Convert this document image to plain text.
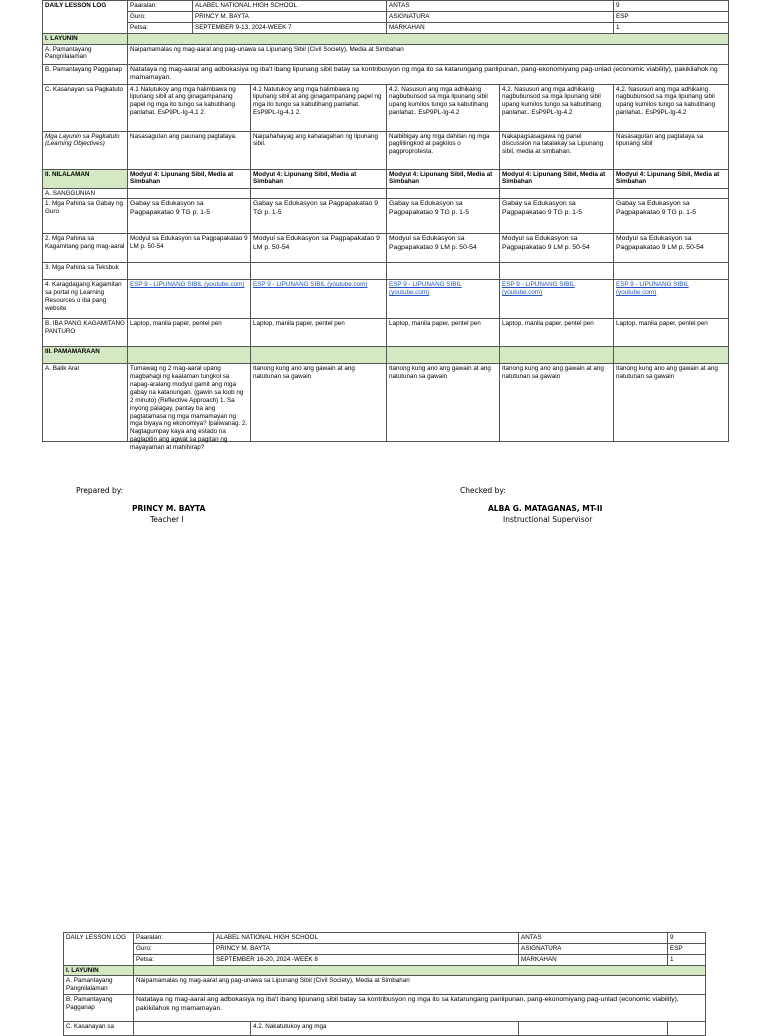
DAILY LESSON LOG	Paaralan:	ALABEL NATIONAL HIGH SCHOOL		ANTAS		9
	Guro:	PRINCY M. BAYTA		ASIGNATURA		ESP
	Petsa:	SEPTEMBER 9-13, 2024-WEEK 7		MARKAHAN		1
I. LAYUNIN						
A. Pamantayang Pangnilalaman	Naipamamalas ng mag-aaral ang pag-unawa sa Lipunang Sibil (Civil Society), Media at Simbahan					
B. Pamantayang Pagganap	Natataya ng mag-aaral ang adbokasiya ng iba't ibang lipunang sibil batay sa kontribusyon ng mga ito sa katarungang panlipunan, pang-ekonomiyang pag-unlad (economic viability), pakikilahok ng mamamayan.					
C. Kasanayan sa Pagkatuto	4.1 Natutukoy ang mga halimbawa ng lipunang sibil at ang ginagampanang papel ng mga ito tungo sa kabutihang panlahat. EsP9PL-Ig-4.1 2.		4.1 Natutukoy ang mga halimbawa ng lipunang sibil at ang ginagampanang papel ng mga ito tungo sa kabutihang panlahat. EsP9PL-Ig-4.1 2.	4.2. Nasusuri ang mga adhikaing nagbubunsod sa mga lipunang sibil upang kumilos tungo sa kabutihang panlahat.. EsP9PL-Ig-4.2	4.2. Nasusuri ang mga adhikaing nagbubunsod sa mga lipunang sibil upang kumilos tungo sa kabutihang panlahat.. EsP9PL-Ig-4.2	4.2. Nasusuri ang mga adhikaing nagbubunsod sa mga lipunang sibil upang kumilos tungo sa kabutihang panlahat.. EsP9PL-Ig-4.2
Mga Layunin sa Pagkatuto (Learning Objectives)	Nasasagutan ang paunang pagtataya.		Naipahahayag ang kahalagahan ng lipunang sibil.	Naibibigay ang mga dahilan ng mga pagliliingkod at pagkilos o pagproprotesta.	Nakapagsasagawa ng panel discussion na tatalakay sa Lipunang sibil, media at simbahan.	Nasasagutan ang pagtataya sa lipunang sibil
II. NILALAMAN	Modyul 4: Lipunang Sibil, Media at Simbahan		Modyul 4: Lipunang Sibil, Media at Simbahan	Modyul 4: Lipunang Sibil, Media at Simbahan	Modyul 4: Lipunang Sibil, Media at Simbahan	Modyul 4: Lipunang Sibil, Media at Simbahan
A. SANGGUNIAN						
1. Mga Pahina sa Gabay ng Guro	Gabay sa Edukasyon sa Pagpapakatao 9 TG p. 1-5		Gabay sa Edukasyon sa Pagpapakatao 9 TG p. 1-5	Gabay sa Edukasyon sa Pagpapakatao 9 TG p. 1-5	Gabay sa Edukasyon sa Pagpapakatao 9 TG p. 1-5	Gabay sa Edukasyon sa Pagpapakatao 9 TG p. 1-5
2. Mga Pahina sa Kagamitang pang mag-aaral	Modyul sa Edukasyon sa Pagpapakatao 9 LM p. 50-54		Modyul sa Edukasyon sa Pagpapakatao 9 LM p. 50-54	Modyul sa Edukasyon sa Pagpapakatao 9 LM p. 50-54	Modyul sa Edukasyon sa Pagpapakatao 9 LM p. 50-54	Modyul sa Edukasyon sa Pagpapakatao 9 LM p. 50-54
3. Mga Pahina sa Teksbuk						
4. Karagdagang Kagamitan sa portal ng Learning Resources o iba pang website	ESP 9 - LIPUNANG SIBIL (youtube.com)		ESP 9 - LIPUNANG SIBIL (youtube.com)	ESP 9 - LIPUNANG SIBIL (youtube.com)	ESP 9 - LIPUNANG SIBIL (youtube.com)	ESP 9 - LIPUNANG SIBIL (youtube.com)
B. IBA PANG KAGAMITANG PANTURO	Laptop, manila paper, pentel pen		Laptop, manila paper, pentel pen	Laptop, manila paper, pentel pen	Laptop, manila paper, pentel pen	Laptop, manila paper, pentel pen
III. PAMAMARAAN						
A. Balik Aral	Tumawag ng 2 mag-aaral upang magbahagi ng kaalaman tungkol sa napag-aralang modyul gamit ang mga gabay na katanungan. (gawin sa loob ng 2 minuto) (Reflective Approach) 1. Sa inyong palagay, pantay ba ang pagtatamasa ng mga mamamayan ng mga biyaya ng ekonomiya? Ipaliwanag. 2. Nagtagumpay kaya ang estado na paglapitin ang agwat sa pagitan ng mayayaman at mahihirap?		Itanong kung ano ang gawain at ang natutunan sa gawain	Itanong kung ano ang gawain at ang natutunan sa gawain	Itanong kung ano ang gawain at ang natutunan sa gawain	Itanong kung ano ang gawain at ang natutunan sa gawain
Prepared by:
PRINCY M. BAYTA
Teacher I
Checked by:
ALBA G. MATAGANAS, MT-II
Instructional Supervisor
DAILY LESSON LOG	Paaralan:	ALABEL NATIONAL HIGH SCHOOL		ANTAS	9
	Guro:	PRINCY M. BAYTA		ASIGNATURA	ESP
	Petsa:	SEPTEMBER 16-20, 2024 -WEEK 8		MARKAHAN	1
I. LAYUNIN					
A. Pamantayang Pangnilalaman	Naipamamalas ng mag-aaral ang pag-unawa sa Lipunang Sibil (Civil Society), Media at Simbahan				
B. Pamantayang Pagganap	Natataya ng mag-aaral ang adbokasiya ng iba't ibang lipunang sibil batay sa kontribusyon ng mga ito sa katarungang panlipunan, pang-ekonomiyang pag-unlad (economic viability), pakikilahok ng mamamayan.				
C. Kasanayan sa			4.2. Nakatutukoy ang mga		
